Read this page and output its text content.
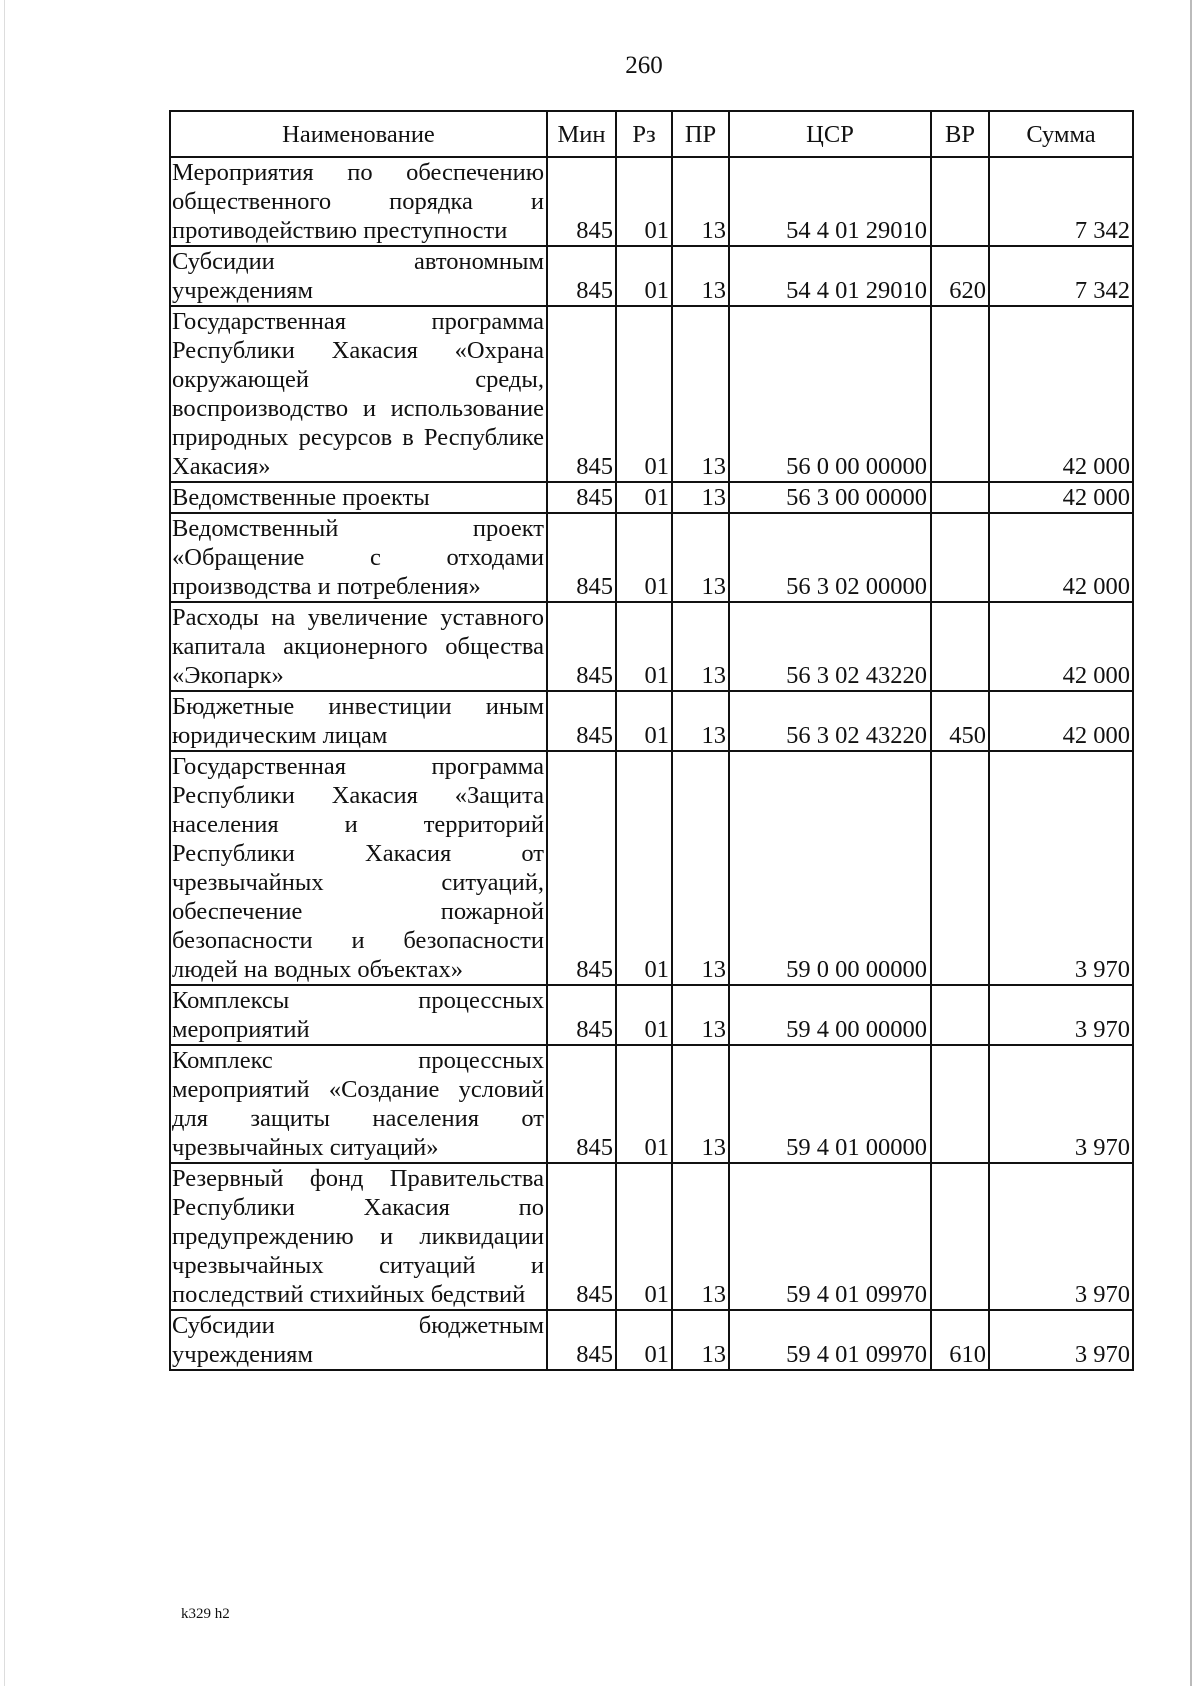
260
Наименование	Мин	Рз	ПР	ЦСР	ВР	Сумма
Мероприятия по обеспечению общественного порядка и противодействию преступности	845	01	13	54 4 01 29010		7 342
Субсидии автономным учреждениям	845	01	13	54 4 01 29010	620	7 342
Государственная программа Республики Хакасия «Охрана окружающей среды, воспроизводство и использование природных ресурсов в Республике Хакасия»	845	01	13	56 0 00 00000		42 000
Ведомственные проекты	845	01	13	56 3 00 00000		42 000
Ведомственный проект «Обращение с отходами производства и потребления»	845	01	13	56 3 02 00000		42 000
Расходы на увеличение уставного капитала акционерного общества «Экопарк»	845	01	13	56 3 02 43220		42 000
Бюджетные инвестиции иным юридическим лицам	845	01	13	56 3 02 43220	450	42 000
Государственная программа Республики Хакасия «Защита населения и территорий Республики Хакасия от чрезвычайных ситуаций, обеспечение пожарной безопасности и безопасности людей на водных объектах»	845	01	13	59 0 00 00000		3 970
Комплексы процессных мероприятий	845	01	13	59 4 00 00000		3 970
Комплекс процессных мероприятий «Создание условий для защиты населения от чрезвычайных ситуаций»	845	01	13	59 4 01 00000		3 970
Резервный фонд Правительства Республики Хакасия по предупреждению и ликвидации чрезвычайных ситуаций и последствий стихийных бедствий	845	01	13	59 4 01 09970		3 970
Субсидии бюджетным учреждениям	845	01	13	59 4 01 09970	610	3 970
k329 h2
